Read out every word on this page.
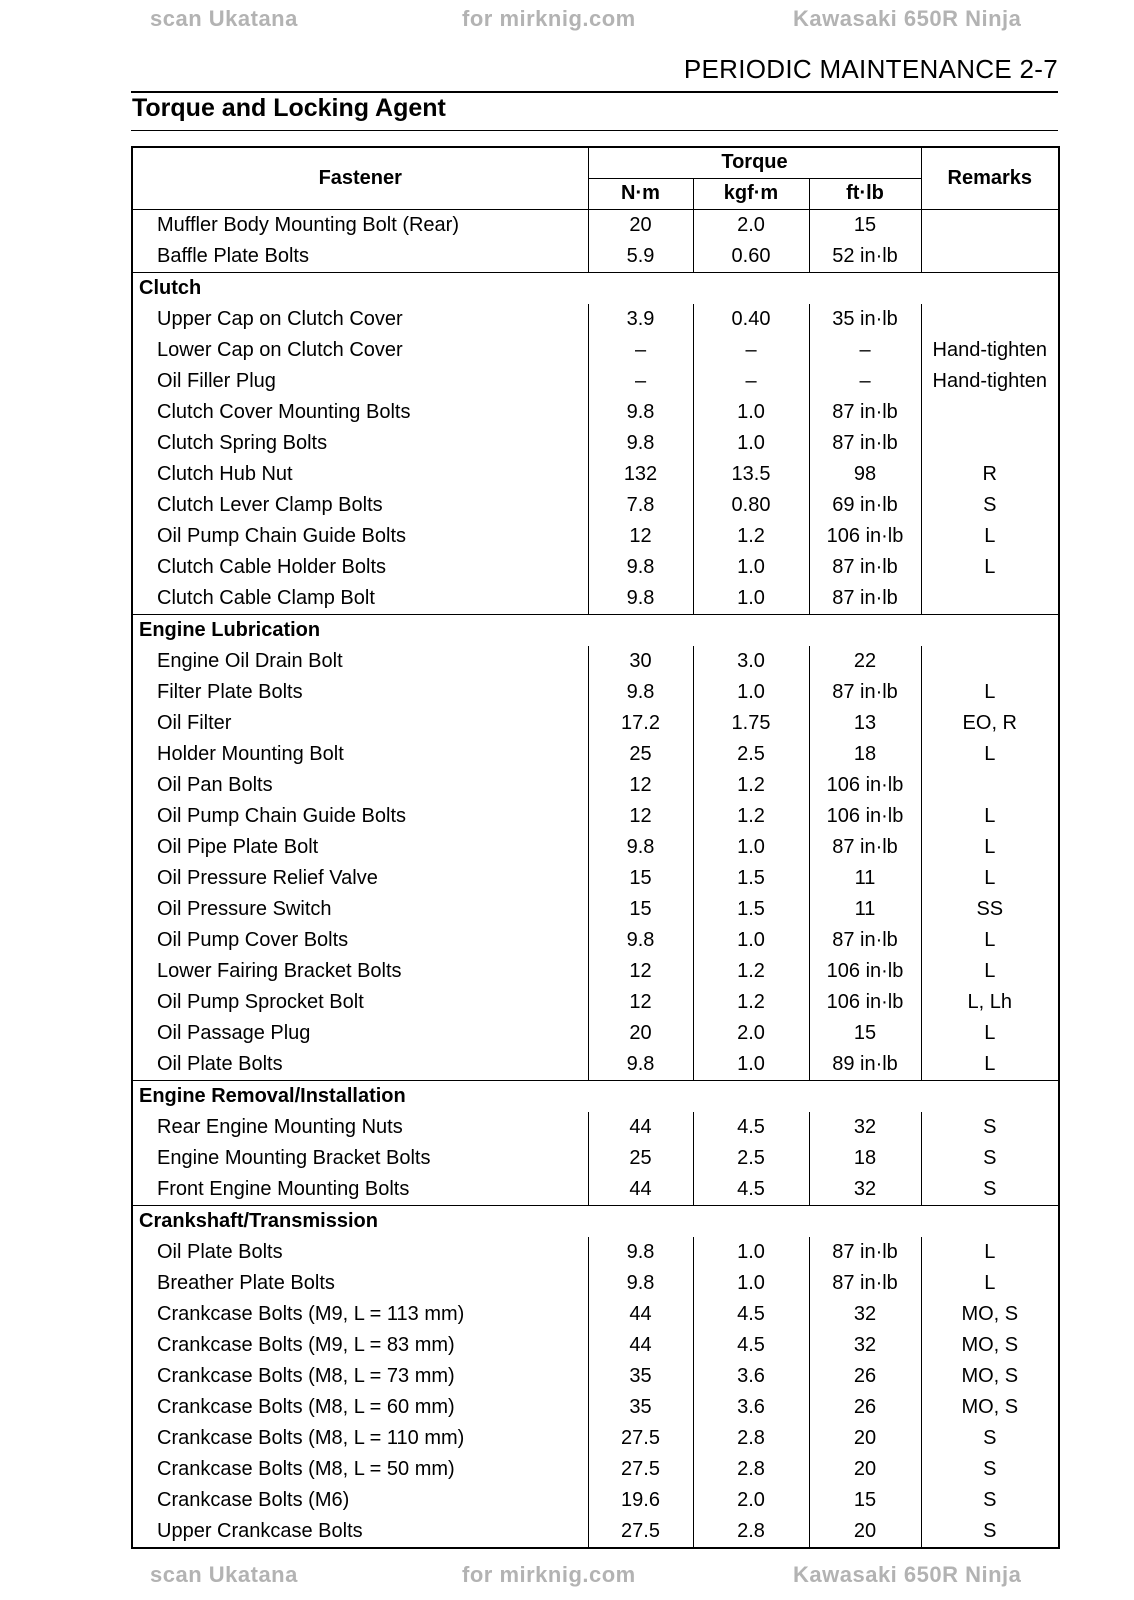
scan Ukatana	for mirknig.com	Kawasaki 650R Ninja
PERIODIC MAINTENANCE 2-7
Torque and Locking Agent
Fastener	Torque			Remarks
	N·m	kgf·m	ft·lb	
Muffler Body Mounting Bolt (Rear)	20	2.0	15	
Baffle Plate Bolts	5.9	0.60	52 in·lb	
Clutch				
Upper Cap on Clutch Cover	3.9	0.40	35 in·lb	
Lower Cap on Clutch Cover	–	–	–	Hand-tighten
Oil Filler Plug	–	–	–	Hand-tighten
Clutch Cover Mounting Bolts	9.8	1.0	87 in·lb	
Clutch Spring Bolts	9.8	1.0	87 in·lb	
Clutch Hub Nut	132	13.5	98	R
Clutch Lever Clamp Bolts	7.8	0.80	69 in·lb	S
Oil Pump Chain Guide Bolts	12	1.2	106 in·lb	L
Clutch Cable Holder Bolts	9.8	1.0	87 in·lb	L
Clutch Cable Clamp Bolt	9.8	1.0	87 in·lb	
Engine Lubrication				
Engine Oil Drain Bolt	30	3.0	22	
Filter Plate Bolts	9.8	1.0	87 in·lb	L
Oil Filter	17.2	1.75	13	EO, R
Holder Mounting Bolt	25	2.5	18	L
Oil Pan Bolts	12	1.2	106 in·lb	
Oil Pump Chain Guide Bolts	12	1.2	106 in·lb	L
Oil Pipe Plate Bolt	9.8	1.0	87 in·lb	L
Oil Pressure Relief Valve	15	1.5	11	L
Oil Pressure Switch	15	1.5	11	SS
Oil Pump Cover Bolts	9.8	1.0	87 in·lb	L
Lower Fairing Bracket Bolts	12	1.2	106 in·lb	L
Oil Pump Sprocket Bolt	12	1.2	106 in·lb	L, Lh
Oil Passage Plug	20	2.0	15	L
Oil Plate Bolts	9.8	1.0	89 in·lb	L
Engine Removal/Installation				
Rear Engine Mounting Nuts	44	4.5	32	S
Engine Mounting Bracket Bolts	25	2.5	18	S
Front Engine Mounting Bolts	44	4.5	32	S
Crankshaft/Transmission				
Oil Plate Bolts	9.8	1.0	87 in·lb	L
Breather Plate Bolts	9.8	1.0	87 in·lb	L
Crankcase Bolts (M9, L = 113 mm)	44	4.5	32	MO, S
Crankcase Bolts (M9, L = 83 mm)	44	4.5	32	MO, S
Crankcase Bolts (M8, L = 73 mm)	35	3.6	26	MO, S
Crankcase Bolts (M8, L = 60 mm)	35	3.6	26	MO, S
Crankcase Bolts (M8, L = 110 mm)	27.5	2.8	20	S
Crankcase Bolts (M8, L = 50 mm)	27.5	2.8	20	S
Crankcase Bolts (M6)	19.6	2.0	15	S
Upper Crankcase Bolts	27.5	2.8	20	S
scan Ukatana	for mirknig.com	Kawasaki 650R Ninja
